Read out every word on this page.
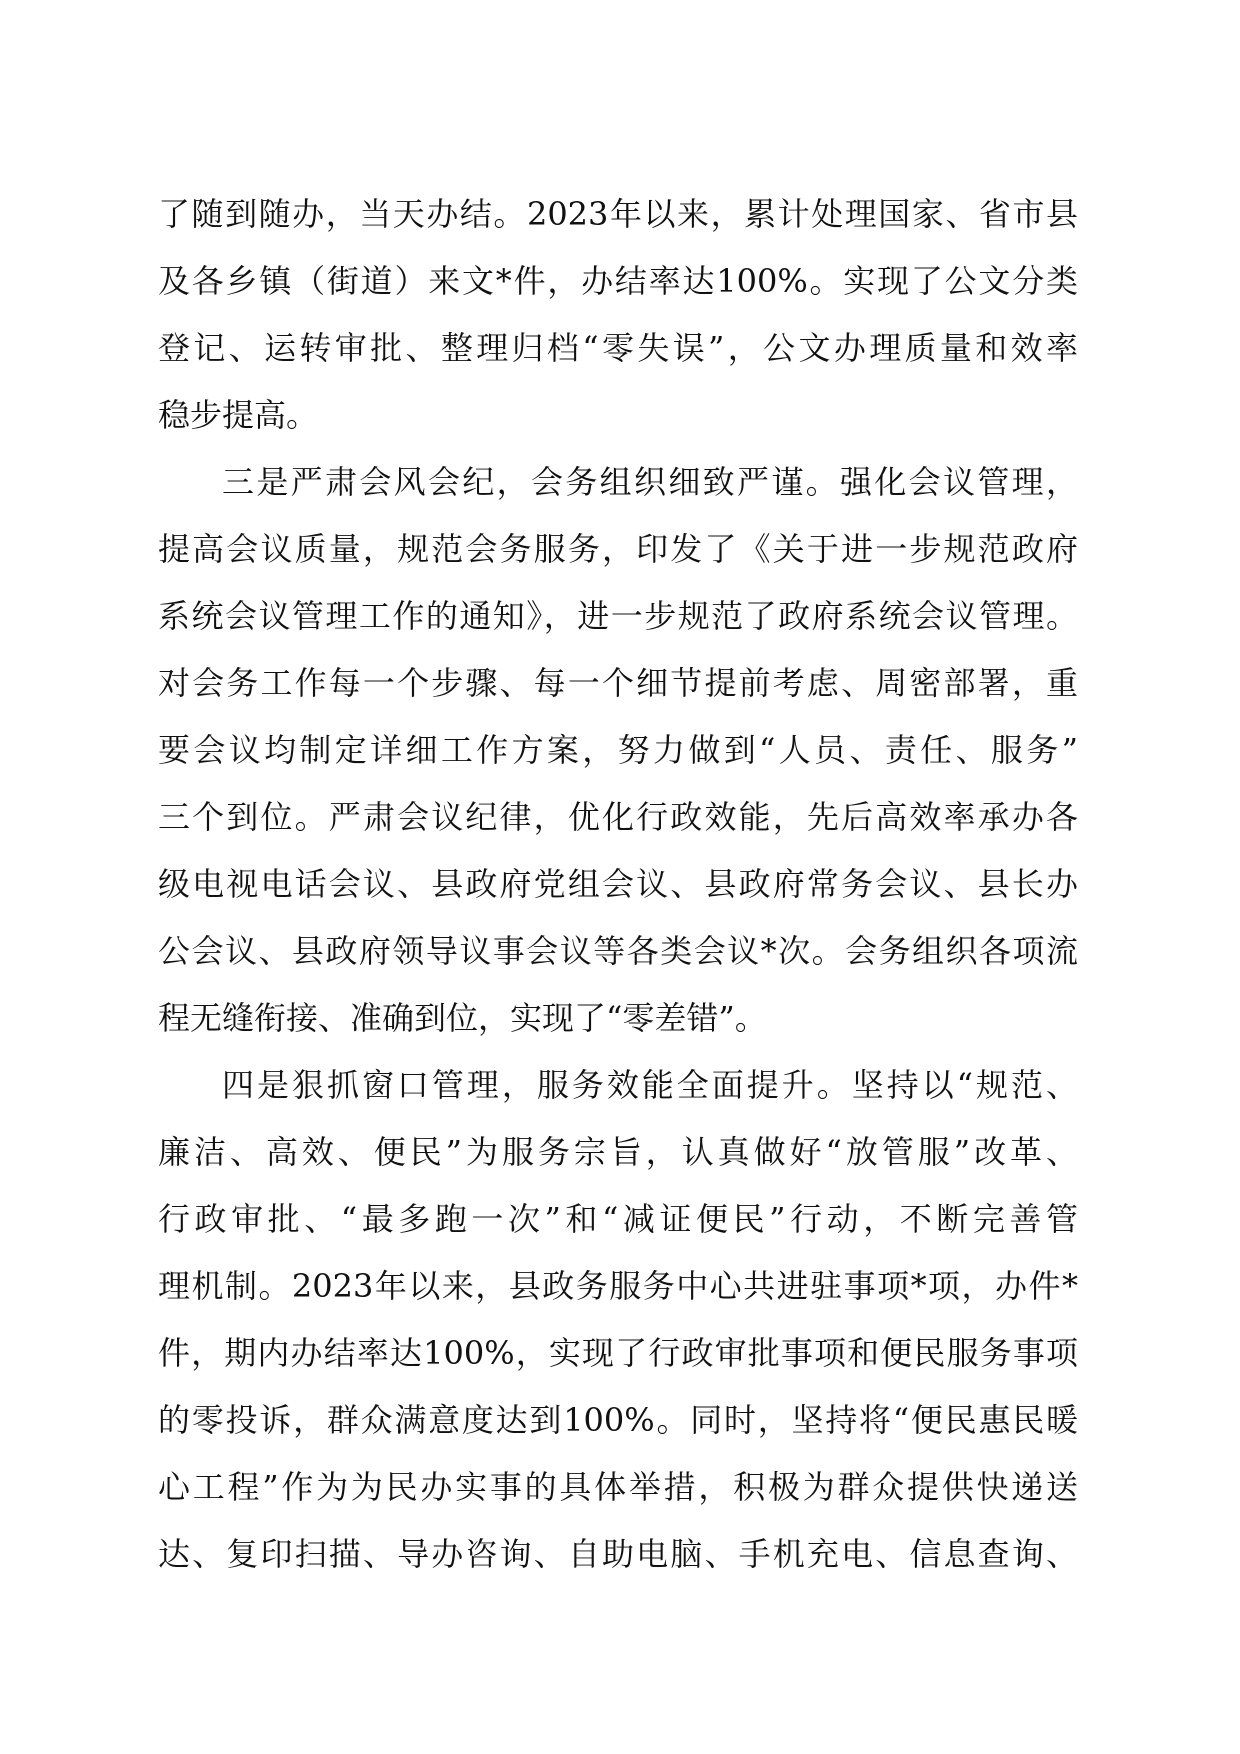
了随到随办，当天办结。2023年以来，累计处理国家、省市县
及各乡镇（街道）来文*件，办结率达100%。实现了公文分类
登记、运转审批、整理归档“零失误”，公文办理质量和效率
稳步提高。
三是严肃会风会纪，会务组织细致严谨。强化会议管理，
提高会议质量，规范会务服务，印发了《关于进一步规范政府
系统会议管理工作的通知》，进一步规范了政府系统会议管理。
对会务工作每一个步骤、每一个细节提前考虑、周密部署，重
要会议均制定详细工作方案，努力做到“人员、责任、服务”
三个到位。严肃会议纪律，优化行政效能，先后高效率承办各
级电视电话会议、县政府党组会议、县政府常务会议、县长办
公会议、县政府领导议事会议等各类会议*次。会务组织各项流
程无缝衔接、准确到位，实现了“零差错”。
四是狠抓窗口管理，服务效能全面提升。坚持以“规范、
廉洁、高效、便民”为服务宗旨，认真做好“放管服”改革、
行政审批、“最多跑一次”和“减证便民”行动，不断完善管
理机制。2023年以来，县政务服务中心共进驻事项*项，办件*
件，期内办结率达100%，实现了行政审批事项和便民服务事项
的零投诉，群众满意度达到100%。同时，坚持将“便民惠民暖
心工程”作为为民办实事的具体举措，积极为群众提供快递送
达、复印扫描、导办咨询、自助电脑、手机充电、信息查询、
